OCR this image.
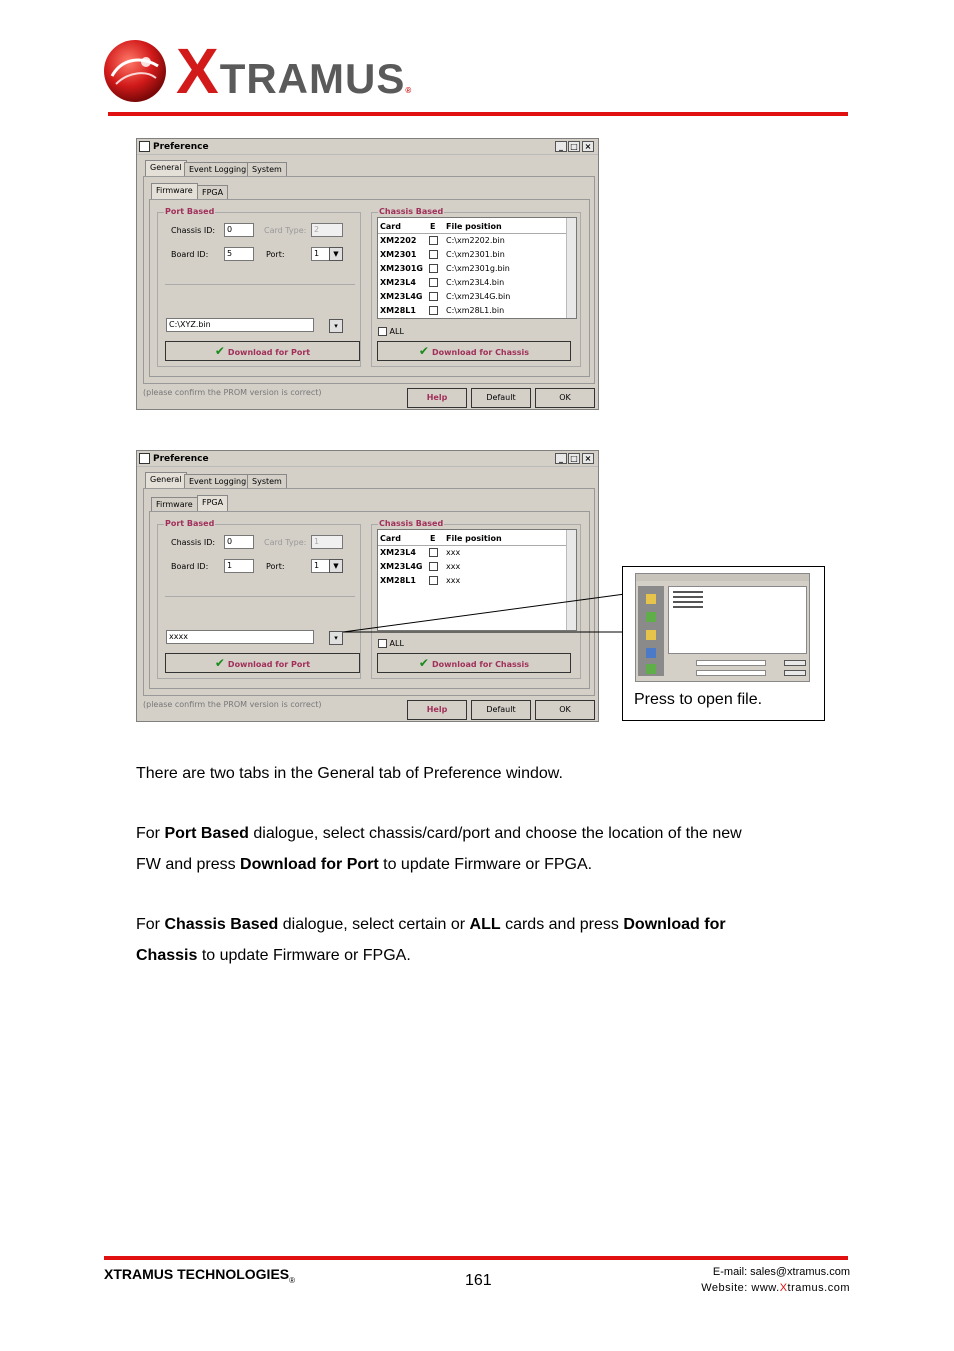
XTRAMUS®
Preference	_ □ ×
General Event Logging System
Firmware	FPGA
Port Based
Chassis ID:	0	Card Type: 2
Board ID:	5	Port:	1	▼
C:\XYZ.bin	▾
✔ Download for Port
Chassis Based
Card	E File position
XM2202	C:\xm2202.bin
XM2301	C:\xm2301.bin
XM2301G	C:\xm2301g.bin
XM23L4	C:\xm23L4.bin
XM23L4G	C:\xm23L4G.bin
XM28L1	C:\xm28L1.bin
ALL
✔ Download for Chassis
(please confirm the PROM version is correct)
Help	Default	OK
Preference	_ □ ×
General Event Logging System
Firmware	FPGA
Port Based
Chassis ID:	0	Card Type: 1
Board ID:	1	Port:	1	▼
xxxx	▾
✔ Download for Port
Chassis Based
Card	E File position
XM23L4	xxx
XM23L4G	xxx
XM28L1	xxx
ALL
✔ Download for Chassis
(please confirm the PROM version is correct)
Help	Default	OK
Press to open file.
There are two tabs in the General tab of Preference window.
For Port Based dialogue, select chassis/card/port and choose the location of the new
FW and press Download for Port to update Firmware or FPGA.
For Chassis Based dialogue, select certain or ALL cards and press Download for
Chassis to update Firmware or FPGA.
XTRAMUS $TECHNOLOGIES_®$	161	E-mail: sales@xtramus.com
Website: www.Xtramus.com
